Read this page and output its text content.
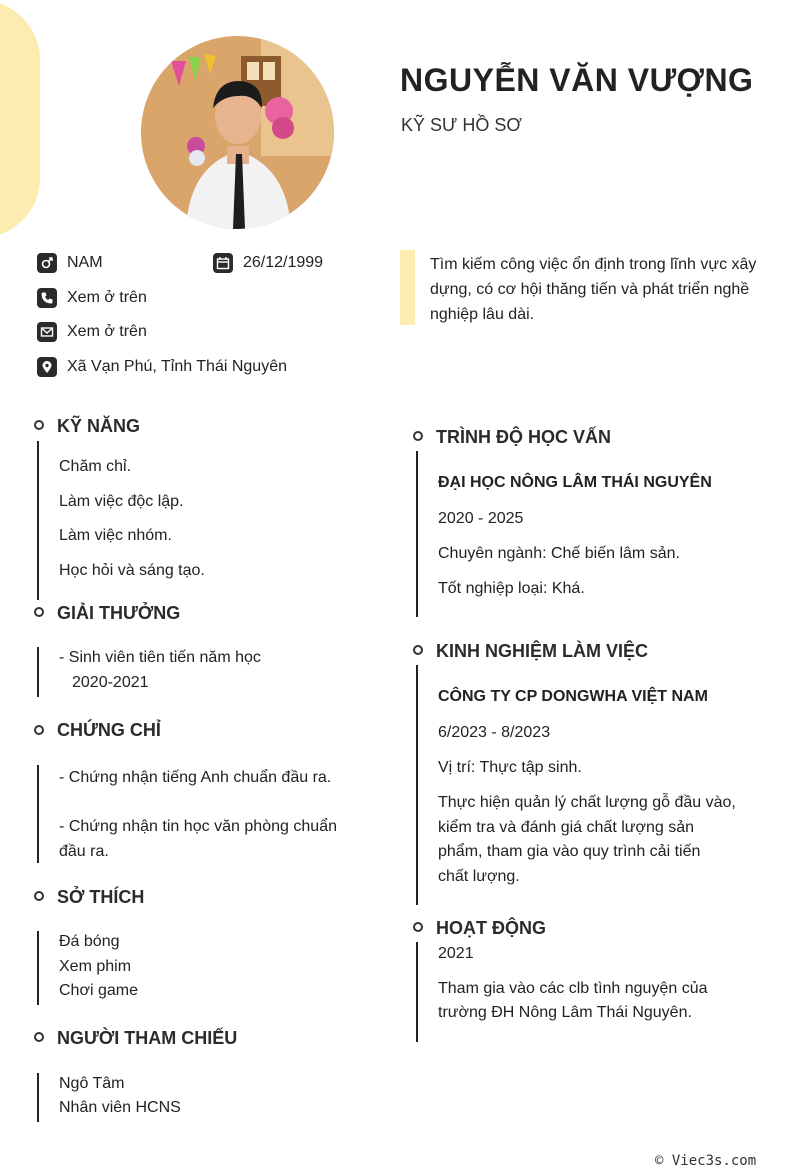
NGUYỄN VĂN VƯỢNG
KỸ SƯ HỒ SƠ
NAM	26/12/1999
Xem ở trên
Xem ở trên
Xã Vạn Phú, Tỉnh Thái Nguyên
Tìm kiếm công việc ổn định trong lĩnh vực xây
dựng, có cơ hội thăng tiến và phát triển nghề
nghiệp lâu dài.
KỸ NĂNG
Chăm chỉ.
Làm việc độc lập.
Làm việc nhóm.
Học hỏi và sáng tạo.
GIẢI THƯỞNG
- Sinh viên tiên tiến năm học
2020-2021
CHỨNG CHỈ
- Chứng nhận tiếng Anh chuẩn đầu ra.
- Chứng nhận tin học văn phòng chuẩn đầu ra.
SỞ THÍCH
Đá bóng
Xem phim
Chơi game
NGƯỜI THAM CHIẾU
Ngô Tâm
Nhân viên HCNS
TRÌNH ĐỘ HỌC VẤN
ĐẠI HỌC NÔNG LÂM THÁI NGUYÊN
2020 - 2025
Chuyên ngành: Chế biến lâm sản.
Tốt nghiệp loại: Khá.
KINH NGHIỆM LÀM VIỆC
CÔNG TY CP DONGWHA VIỆT NAM
6/2023 - 8/2023
Vị trí: Thực tập sinh.
Thực hiện quản lý chất lượng gỗ đầu vào,
kiểm tra và đánh giá chất lượng sản
phẩm, tham gia vào quy trình cải tiến
chất lượng.
HOẠT ĐỘNG
2021
Tham gia vào các clb tình nguyện của
trường ĐH Nông Lâm Thái Nguyên.
© Viec3s.com
